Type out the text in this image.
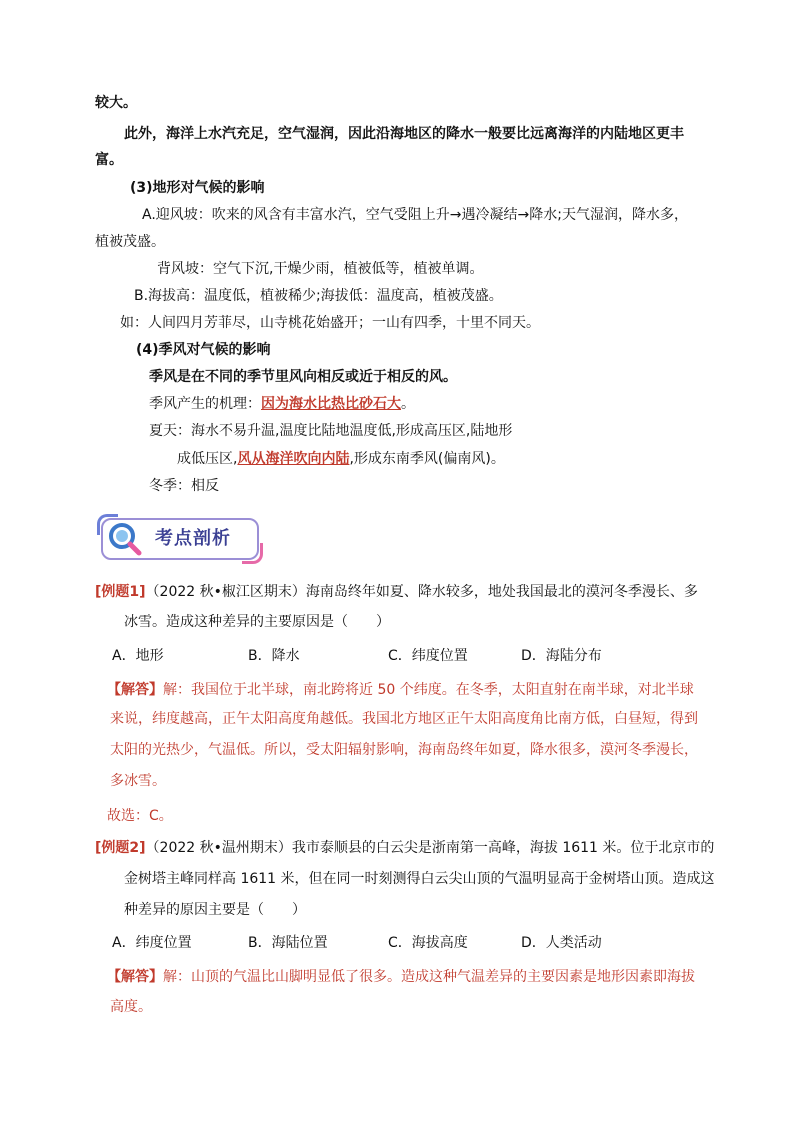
较大。
此外，海洋上水汽充足，空气湿润，因此沿海地区的降水一般要比远离海洋的内陆地区更丰
富。
(3)地形对气候的影响
A.迎风坡：吹来的风含有丰富水汽，空气受阻上升→遇冷凝结→降水;天气湿润，降水多，
植被茂盛。
背风坡：空气下沉,干燥少雨，植被低等，植被单调。
B.海拔高：温度低，植被稀少;海拔低：温度高，植被茂盛。
如：人间四月芳菲尽，山寺桃花始盛开；一山有四季，十里不同天。
(4)季风对气候的影响
季风是在不同的季节里风向相反或近于相反的风。
季风产生的机理：因为海水比热比砂石大。
夏天：海水不易升温,温度比陆地温度低,形成高压区,陆地形
成低压区,风从海洋吹向内陆,形成东南季风(偏南风)。
冬季：相反
考点剖析
[例题1]（2022 秋•椒江区期末）海南岛终年如夏、降水较多，地处我国最北的漠河冬季漫长、多
冰雪。造成这种差异的主要原因是（　　）
A．地形	B．降水	C．纬度位置	D．海陆分布
【解答】解：我国位于北半球，南北跨将近 50 个纬度。在冬季，太阳直射在南半球，对北半球
来说，纬度越高，正午太阳高度角越低。我国北方地区正午太阳高度角比南方低，白昼短，得到
太阳的光热少，气温低。所以，受太阳辐射影响，海南岛终年如夏，降水很多，漠河冬季漫长，
多冰雪。
故选：C。
[例题2]（2022 秋•温州期末）我市泰顺县的白云尖是浙南第一高峰，海拔 1611 米。位于北京市的
金树塔主峰同样高 1611 米，但在同一时刻测得白云尖山顶的气温明显高于金树塔山顶。造成这
种差异的原因主要是（　　）
A．纬度位置	B．海陆位置	C．海拔高度	D．人类活动
【解答】解：山顶的气温比山脚明显低了很多。造成这种气温差异的主要因素是地形因素即海拔
高度。
